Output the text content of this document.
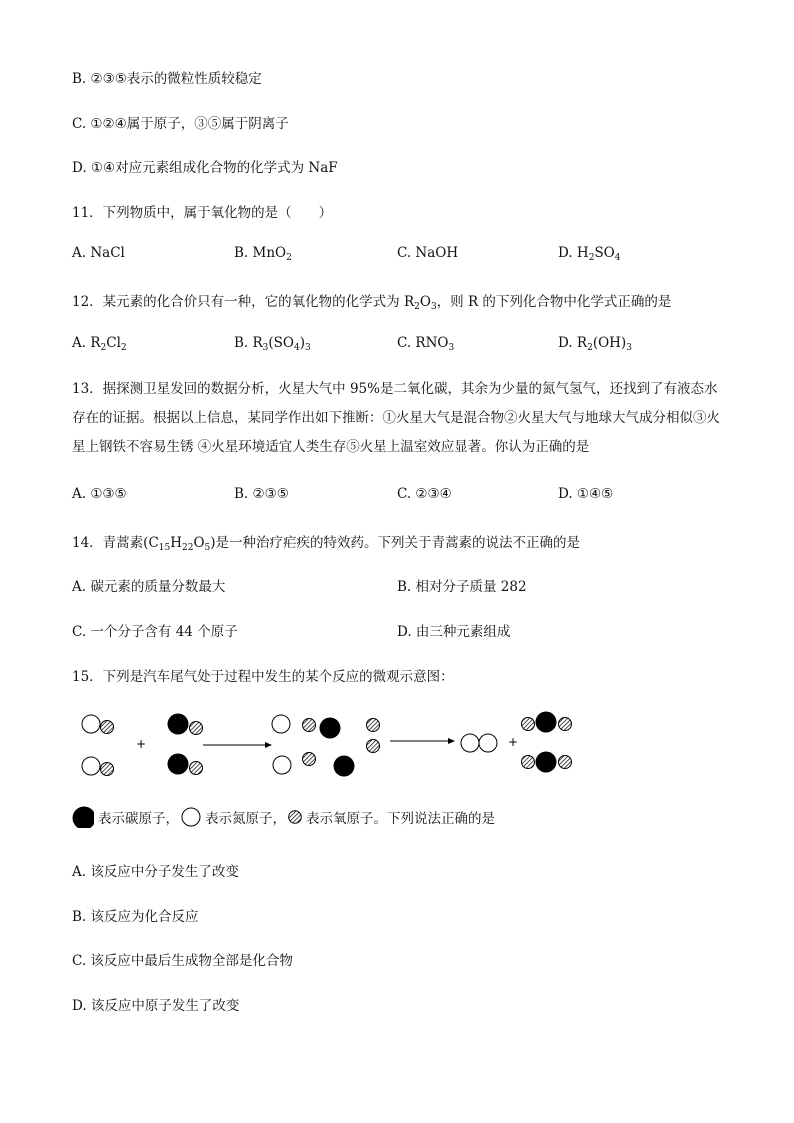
B. ②③⑤表示的微粒性质较稳定
C. ①②④属于原子，③⑤属于阴离子
D. ①④对应元素组成化合物的化学式为 NaF
11．下列物质中，属于氧化物的是（　　）
A. NaCl	B. MnO$_2$	C. NaOH	D. $H_2SO_4$
12．某元素的化合价只有一种，它的氧化物的化学式为 $R_2O_3$，则 R 的下列化合物中化学式正确的是
A. $R_2Cl_2$	B. $R_3(SO_4)_3$	C. $RNO_3$	D. $R_2(OH)_3$
13．据探测卫星发回的数据分析，火星大气中 95%是二氧化碳，其余为少量的氮气氢气，还找到了有液态水存在的证据。根据以上信息，某同学作出如下推断：①火星大气是混合物②火星大气与地球大气成分相似③火星上钢铁不容易生锈 ④火星环境适宜人类生存⑤火星上温室效应显著。你认为正确的是
A. ①③⑤	B. ②③⑤	C. ②③④	D. ①④⑤
14．青蒿素$(C_{15}H_{22}O_5)$是一种治疗疟疾的特效药。下列关于青蒿素的说法不正确的是
A. 碳元素的质量分数最大	B. 相对分子质量 282
C. 一个分子含有 44 个原子	D. 由三种元素组成
15．下列是汽车尾气处于过程中发生的某个反应的微观示意图：
+	+
表示碳原子， 表示氮原子， 表示氧原子。下列说法正确的是
A. 该反应中分子发生了改变
B. 该反应为化合反应
C. 该反应中最后生成物全部是化合物
D. 该反应中原子发生了改变
